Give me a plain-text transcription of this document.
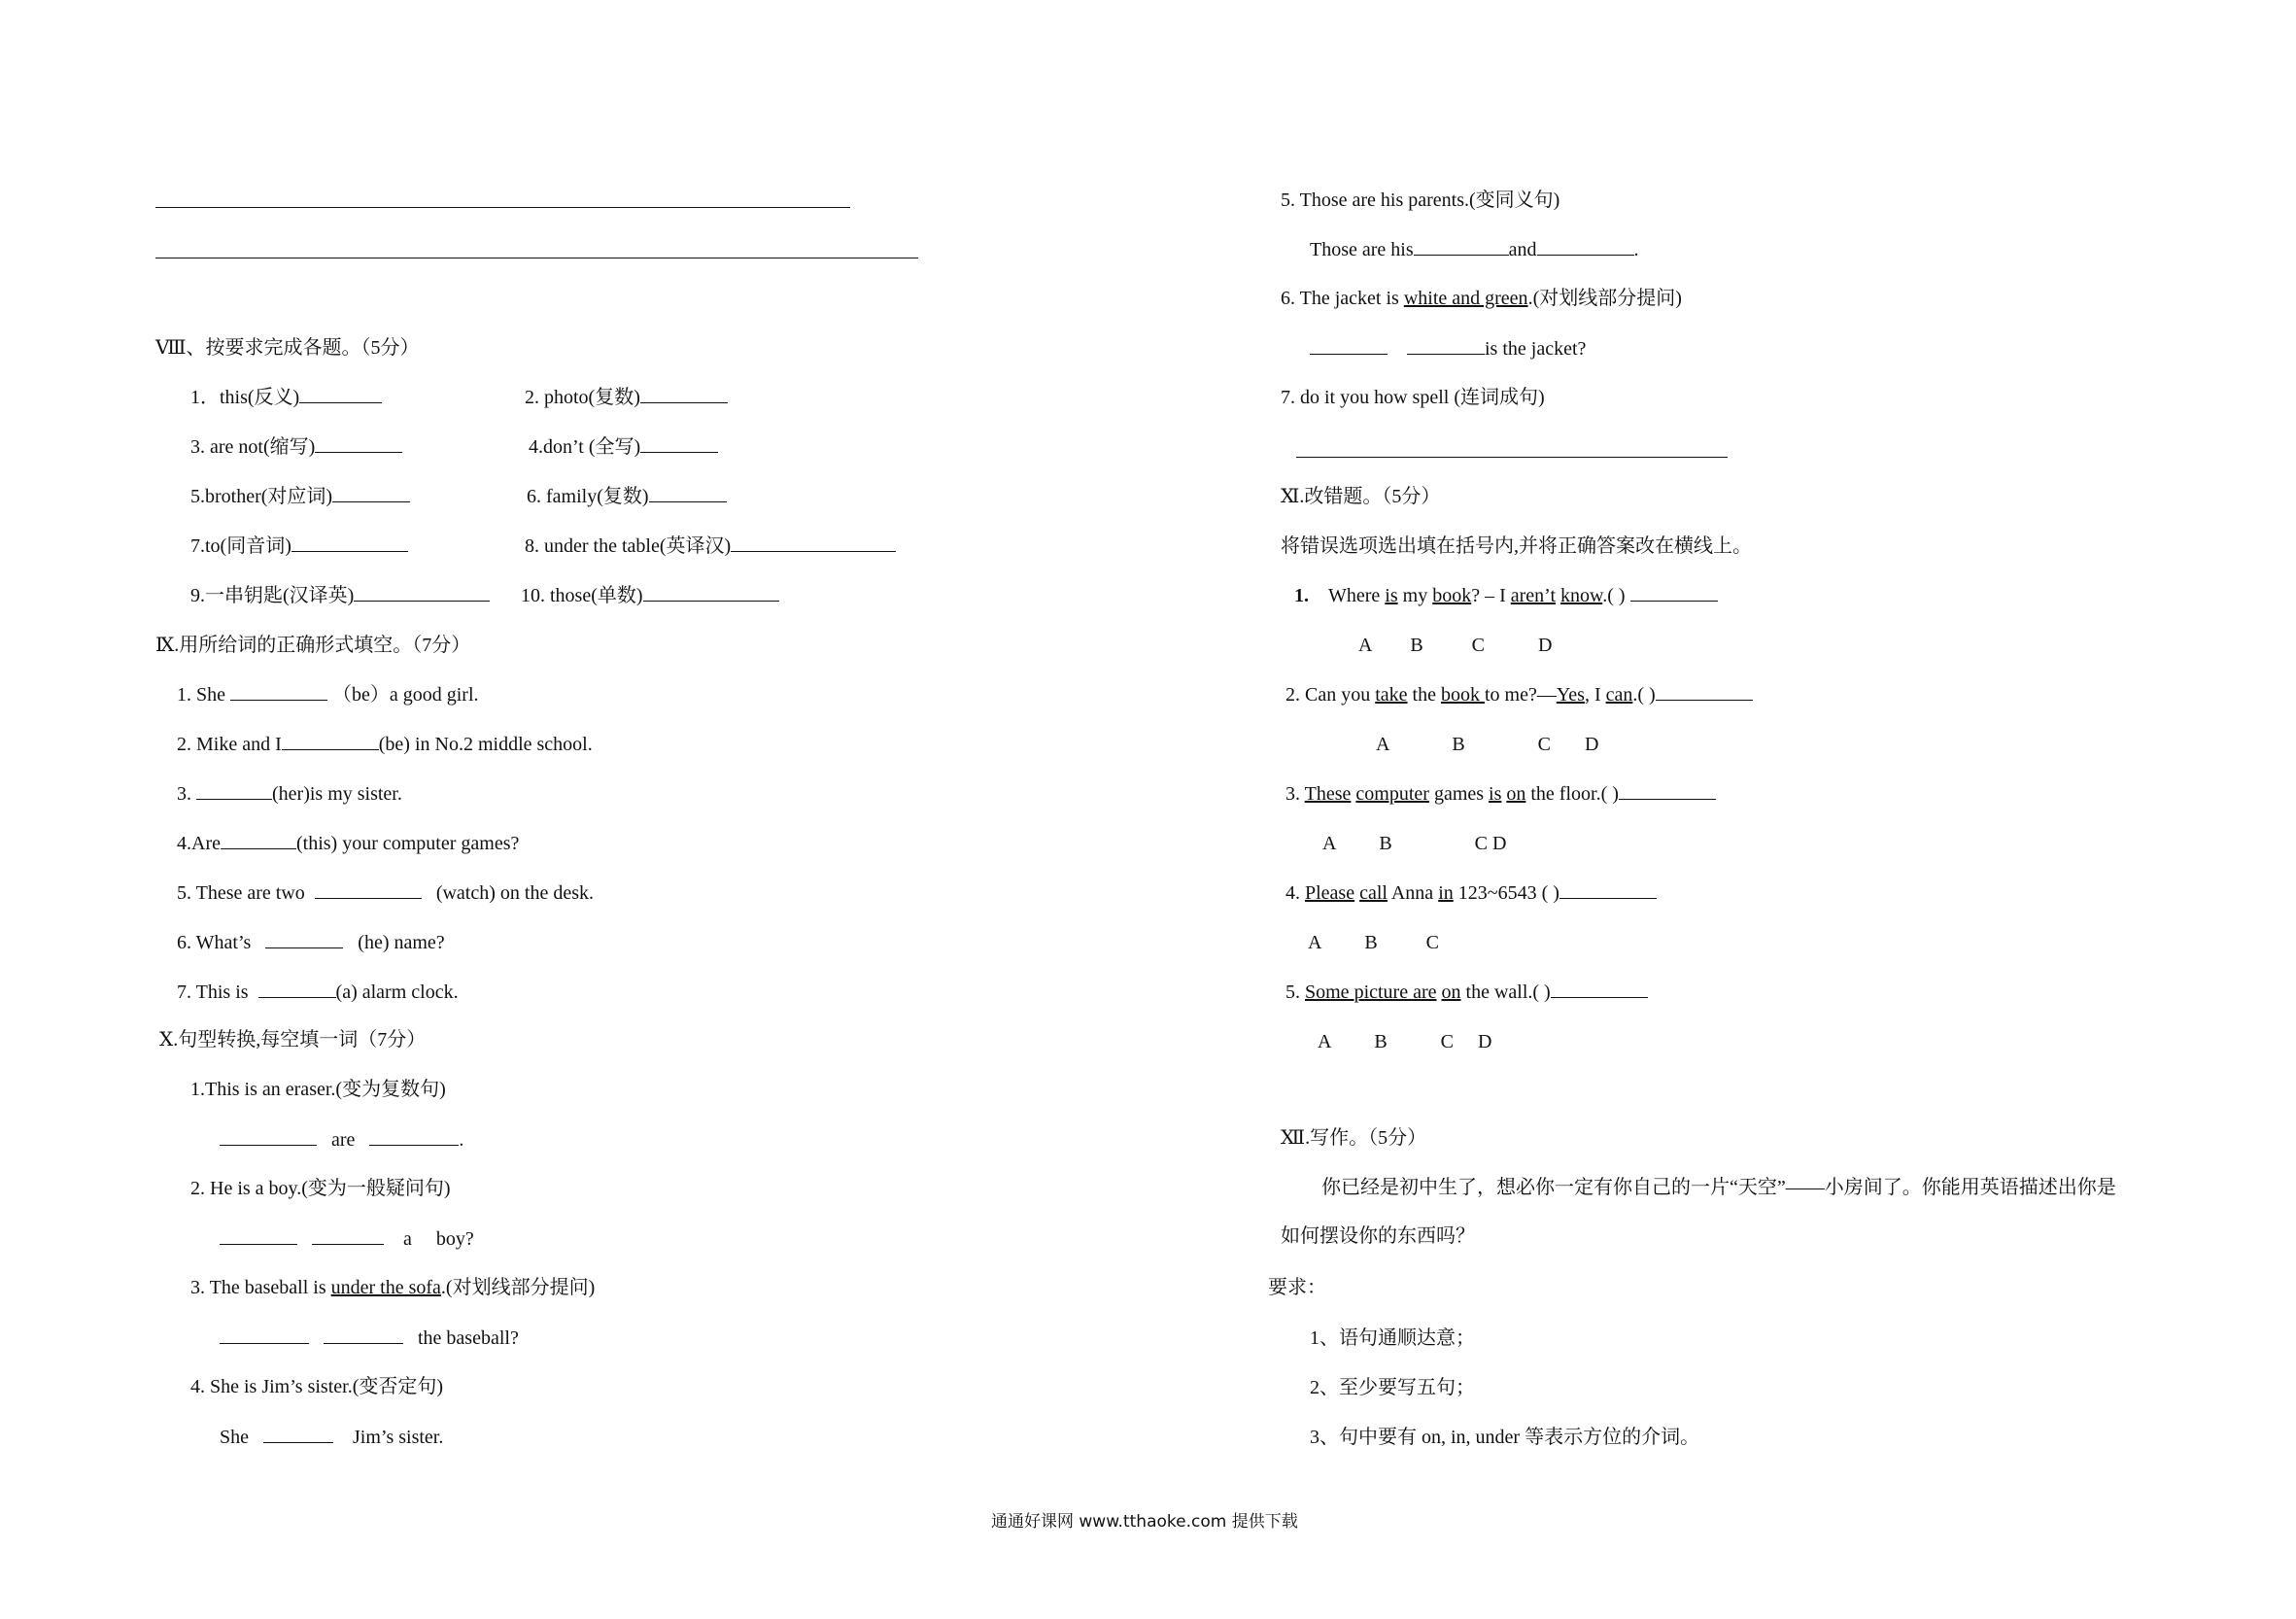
Ⅷ、按要求完成各题。（5分）
1．this(反义)	2. photo(复数)
3. are not(缩写)	4.don’t (全写)
5.brother(对应词)	6. family(复数)
7.to(同音词)	8. under the table(英译汉)
9.一串钥匙(汉译英)	10. those(单数)
Ⅸ.用所给词的正确形式填空。（7分）
1. She	（be）a good girl.
2. Mike and I	(be) in No.2 middle school.
3.	(her)is my sister.
4.Are	(this) your computer games?
5. These are two	(watch) on the desk.
6. What’s	(he) name?
7. This is	(a) alarm clock.
Ⅹ.句型转换,每空填一词（7分）
1.This is an eraser.(变为复数句)
are	.
2. He is a boy.(变为一般疑问句)
a boy?
3. The baseball is under the sofa.(对划线部分提问)
the baseball?
4. She is Jim’s sister.(变否定句)
She	Jim’s sister.
5. Those are his parents.(变同义句)
Those are his	and	.
6. The jacket is white and green.(对划线部分提问)
is the jacket?
7. do it you how spell (连词成句)
Ⅺ.改错题。（5分）
将错误选项选出填在括号内,并将正确答案改在横线上。
1. Where is my book? – I aren’t know.( )
A        B          C           D
2. Can you take the book to me?—Yes, I can.( )
A             B               C       D
3. These computer games is on the floor.( )
A         B                 C D
4. Please call Anna in 123~6543 ( )
A         B          C
5. Some picture are on the wall.( )
A         B           C     D
Ⅻ.写作。（5分）
你已经是初中生了，想必你一定有你自己的一片“天空”——小房间了。你能用英语描述出你是如何摆设你的东西吗？
要求：
1、语句通顺达意；
2、至少要写五句；
3、句中要有 on, in, under 等表示方位的介词。
通通好课网 www.tthaoke.com 提供下载
